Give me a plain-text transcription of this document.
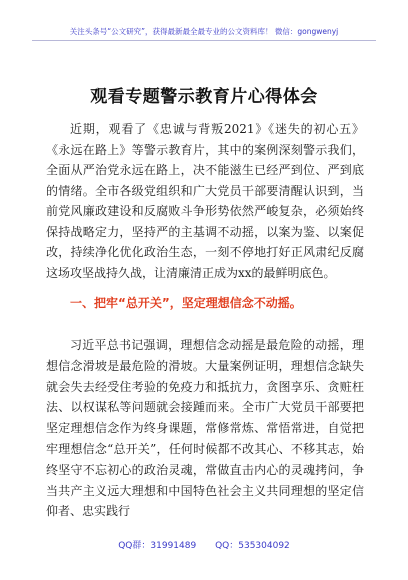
关注头条号“公文研究”，获得最新最全最专业的公文资料库！ 微信：gongwenyj
观看专题警示教育片心得体会

近期，观看了《忠诚与背叛2021》《迷失的初心五》《永远在路上》等警示教育片，其中的案例深刻警示我们，全面从严治党永远在路上，决不能滋生已经严到位、严到底的情绪。全市各级党组织和广大党员干部要清醒认识到，当前党风廉政建设和反腐败斗争形势依然严峻复杂，必须始终保持战略定力，坚持严的主基调不动摇，以案为鉴、以案促改，持续净化优化政治生态，一刻不停地打好正风肃纪反腐这场攻坚战持久战，让清廉清正成为xx的最鲜明底色。

一、把牢“总开关”，坚定理想信念不动摇。

习近平总书记强调，理想信念动摇是最危险的动摇，理想信念滑坡是最危险的滑坡。大量案例证明，理想信念缺失就会失去经受住考验的免疫力和抵抗力，贪图享乐、贪赃枉法、以权谋私等问题就会接踵而来。全市广大党员干部要把坚定理想信念作为终身课题，常修常炼、常悟常进，自觉把牢理想信念“总开关”，任何时候都不改其心、不移其志，始终坚守不忘初心的政治灵魂，常做直击内心的灵魂拷问，争当共产主义远大理想和中国特色社会主义共同理想的坚定信仰者、忠实践行

QQ群：31991489 QQ：535304092
